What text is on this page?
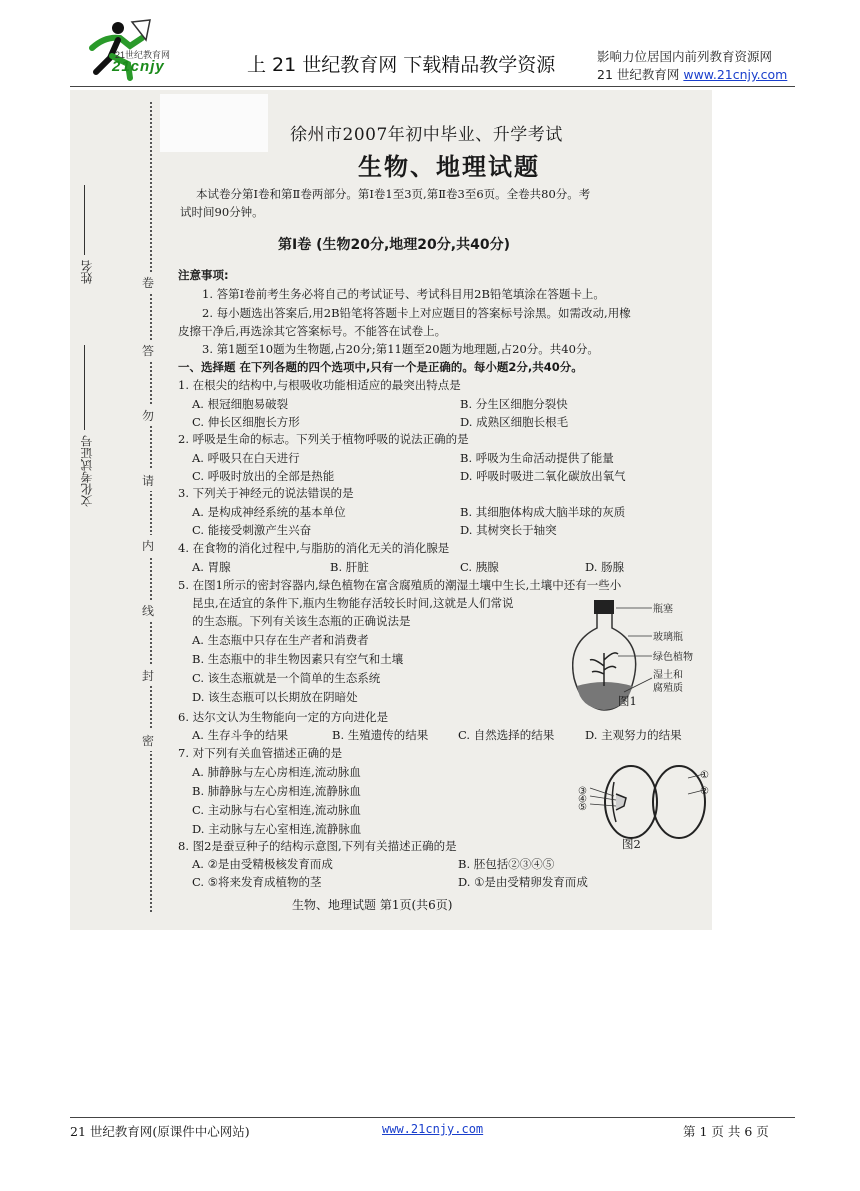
21世纪教育网
21cnjy	上 21 世纪教育网 下载精品教学资源	影响力位居国内前列教育资源网
21 世纪教育网 www.21cnjy.com
姓名
文化考试证号
卷
答
勿
请
内
线
封
密
徐州市2007年初中毕业、升学考试
生物、地理试题
本试卷分第Ⅰ卷和第Ⅱ卷两部分。第Ⅰ卷1至3页,第Ⅱ卷3至6页。全卷共80分。考
试时间90分钟。
第Ⅰ卷 (生物20分,地理20分,共40分)
注意事项:
1. 答第Ⅰ卷前考生务必将自己的考试证号、考试科目用2B铅笔填涂在答题卡上。
2. 每小题选出答案后,用2B铅笔将答题卡上对应题目的答案标号涂黑。如需改动,用橡
皮擦干净后,再选涂其它答案标号。不能答在试卷上。
3. 第1题至10题为生物题,占20分;第11题至20题为地理题,占20分。共40分。
一、选择题 在下列各题的四个选项中,只有一个是正确的。每小题2分,共40分。
1. 在根尖的结构中,与根吸收功能相适应的最突出特点是
A. 根冠细胞易破裂	B. 分生区细胞分裂快
C. 伸长区细胞长方形	D. 成熟区细胞长根毛
2. 呼吸是生命的标志。下列关于植物呼吸的说法正确的是
A. 呼吸只在白天进行	B. 呼吸为生命活动提供了能量
C. 呼吸时放出的全部是热能	D. 呼吸时吸进二氧化碳放出氧气
3. 下列关于神经元的说法错误的是
A. 是构成神经系统的基本单位	B. 其细胞体构成大脑半球的灰质
C. 能接受刺激产生兴奋	D. 其树突长于轴突
4. 在食物的消化过程中,与脂肪的消化无关的消化腺是
A. 胃腺	B. 肝脏	C. 胰腺	D. 肠腺
5. 在图1所示的密封容器内,绿色植物在富含腐殖质的潮湿土壤中生长,土壤中还有一些小
昆虫,在适宜的条件下,瓶内生物能存活较长时间,这就是人们常说
的生态瓶。下列有关该生态瓶的正确说法是
A. 生态瓶中只存在生产者和消费者
B. 生态瓶中的非生物因素只有空气和土壤
C. 该生态瓶就是一个简单的生态系统
D. 该生态瓶可以长期放在阴暗处
瓶塞
玻璃瓶
绿色植物
湿土和
腐殖质
图1
6. 达尔文认为生物能向一定的方向进化是
A. 生存斗争的结果	B. 生殖遗传的结果	C. 自然选择的结果	D. 主观努力的结果
7. 对下列有关血管描述正确的是
A. 肺静脉与左心房相连,流动脉血
B. 肺静脉与左心房相连,流静脉血
C. 主动脉与右心室相连,流动脉血
D. 主动脉与左心室相连,流静脉血
①
②
③
④
⑤
图2
8. 图2是蚕豆种子的结构示意图,下列有关描述正确的是
A. ②是由受精极核发育而成	B. 胚包括②③④⑤
C. ⑤将来发育成植物的茎	D. ①是由受精卵发育而成
生物、地理试题 第1页(共6页)
21 世纪教育网(原课件中心网站)	www.21cnjy.com	第 1 页 共 6 页
